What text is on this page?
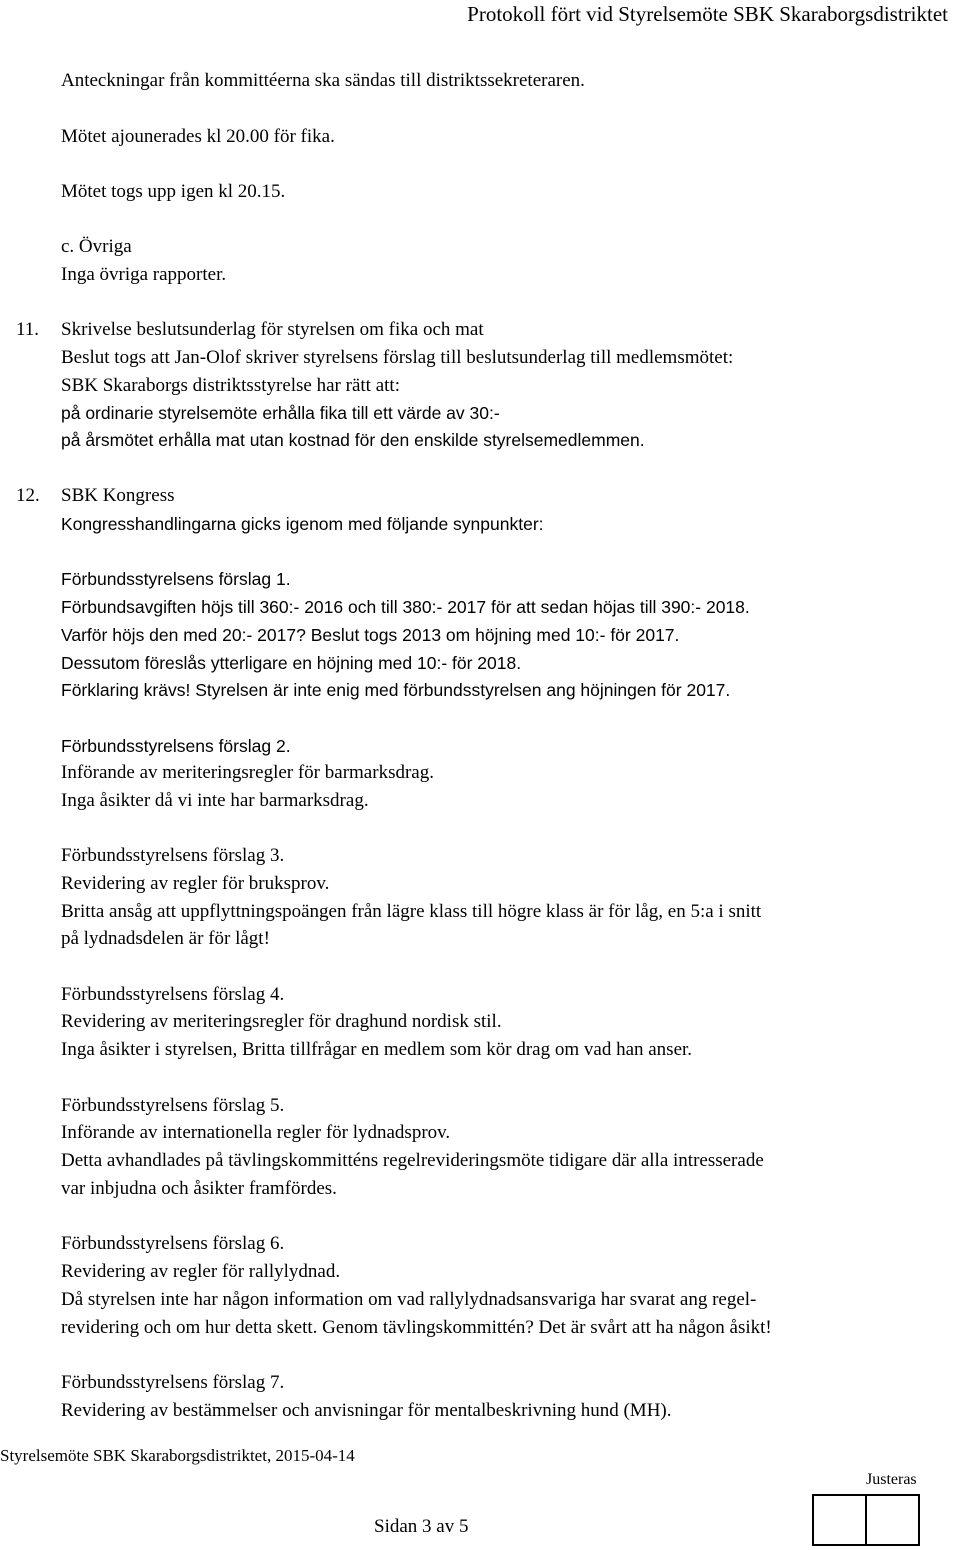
Protokoll fört vid Styrelsemöte SBK Skaraborgsdistriktet
Anteckningar från kommittéerna ska sändas till distriktssekreteraren.
Mötet ajounerades kl 20.00 för fika.
Mötet togs upp igen kl 20.15.
c. Övriga
Inga övriga rapporter.
11. Skrivelse beslutsunderlag för styrelsen om fika och mat
Beslut togs att Jan-Olof skriver styrelsens förslag till beslutsunderlag till medlemsmötet:
SBK Skaraborgs distriktsstyrelse har rätt att:
på ordinarie styrelsemöte erhålla fika till ett värde av 30:-
på årsmötet erhålla mat utan kostnad för den enskilde styrelsemedlemmen.
12. SBK Kongress
Kongresshandlingarna gicks igenom med följande synpunkter:
Förbundsstyrelsens förslag 1.
Förbundsavgiften höjs till 360:- 2016 och till 380:- 2017 för att sedan höjas till 390:- 2018.
Varför höjs den med 20:- 2017? Beslut togs 2013 om höjning med 10:- för 2017.
Dessutom föreslås ytterligare en höjning med 10:- för 2018.
Förklaring krävs! Styrelsen är inte enig med förbundsstyrelsen ang höjningen för 2017.
Förbundsstyrelsens förslag 2.
Införande av meriteringsregler för barmarksdrag.
Inga åsikter då vi inte har barmarksdrag.
Förbundsstyrelsens förslag 3.
Revidering av regler för bruksprov.
Britta ansåg att uppflyttningspoängen från lägre klass till högre klass är för låg, en 5:a i snitt
på lydnadsdelen är för lågt!
Förbundsstyrelsens förslag 4.
Revidering av meriteringsregler för draghund nordisk stil.
Inga åsikter i styrelsen, Britta tillfrågar en medlem som kör drag om vad han anser.
Förbundsstyrelsens förslag 5.
Införande av internationella regler för lydnadsprov.
Detta avhandlades på tävlingskommitténs regelrevideringsmöte tidigare där alla intresserade
var inbjudna och åsikter framfördes.
Förbundsstyrelsens förslag 6.
Revidering av regler för rallylydnad.
Då styrelsen inte har någon information om vad rallylydnadsansvariga har svarat ang regel-
revidering och om hur detta skett. Genom tävlingskommittén? Det är svårt att ha någon åsikt!
Förbundsstyrelsens förslag 7.
Revidering av bestämmelser och anvisningar för mentalbeskrivning hund (MH).
Styrelsemöte SBK Skaraborgsdistriktet, 2015-04-14
Sidan 3 av 5
Justeras
